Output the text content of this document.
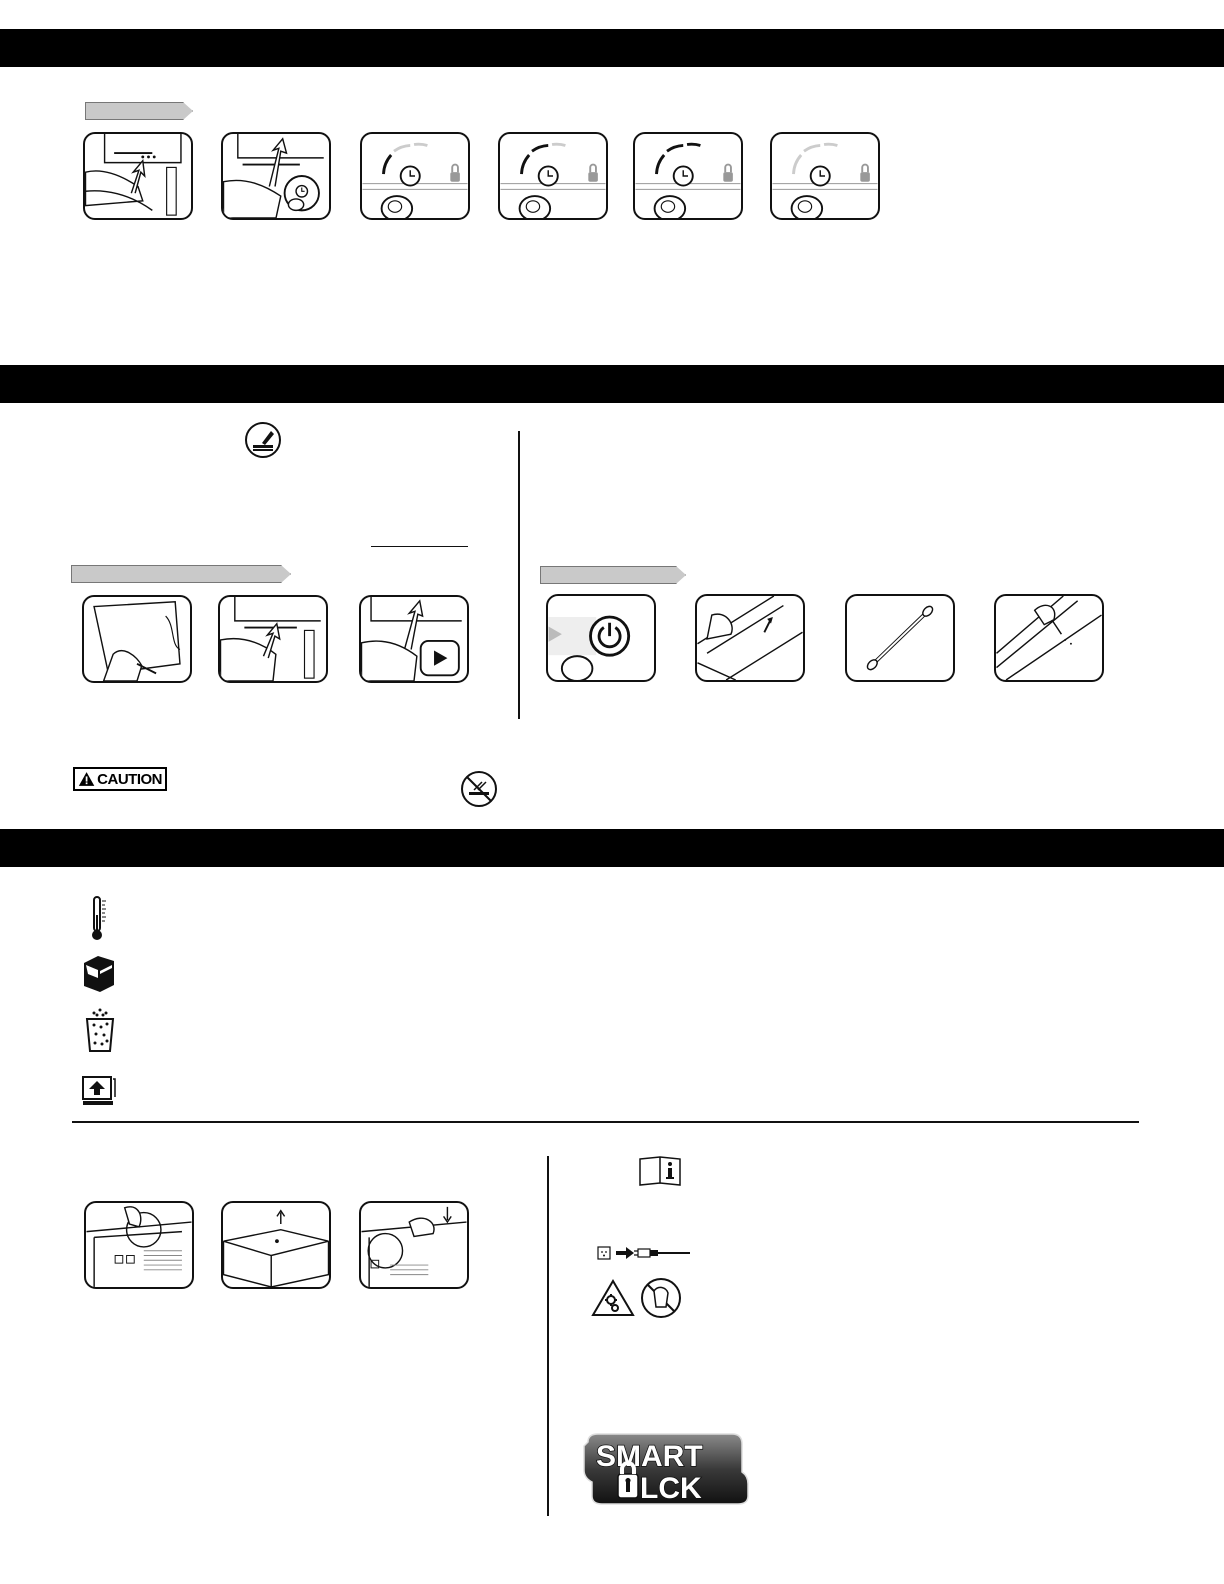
CAUTION
SMART
LCK
